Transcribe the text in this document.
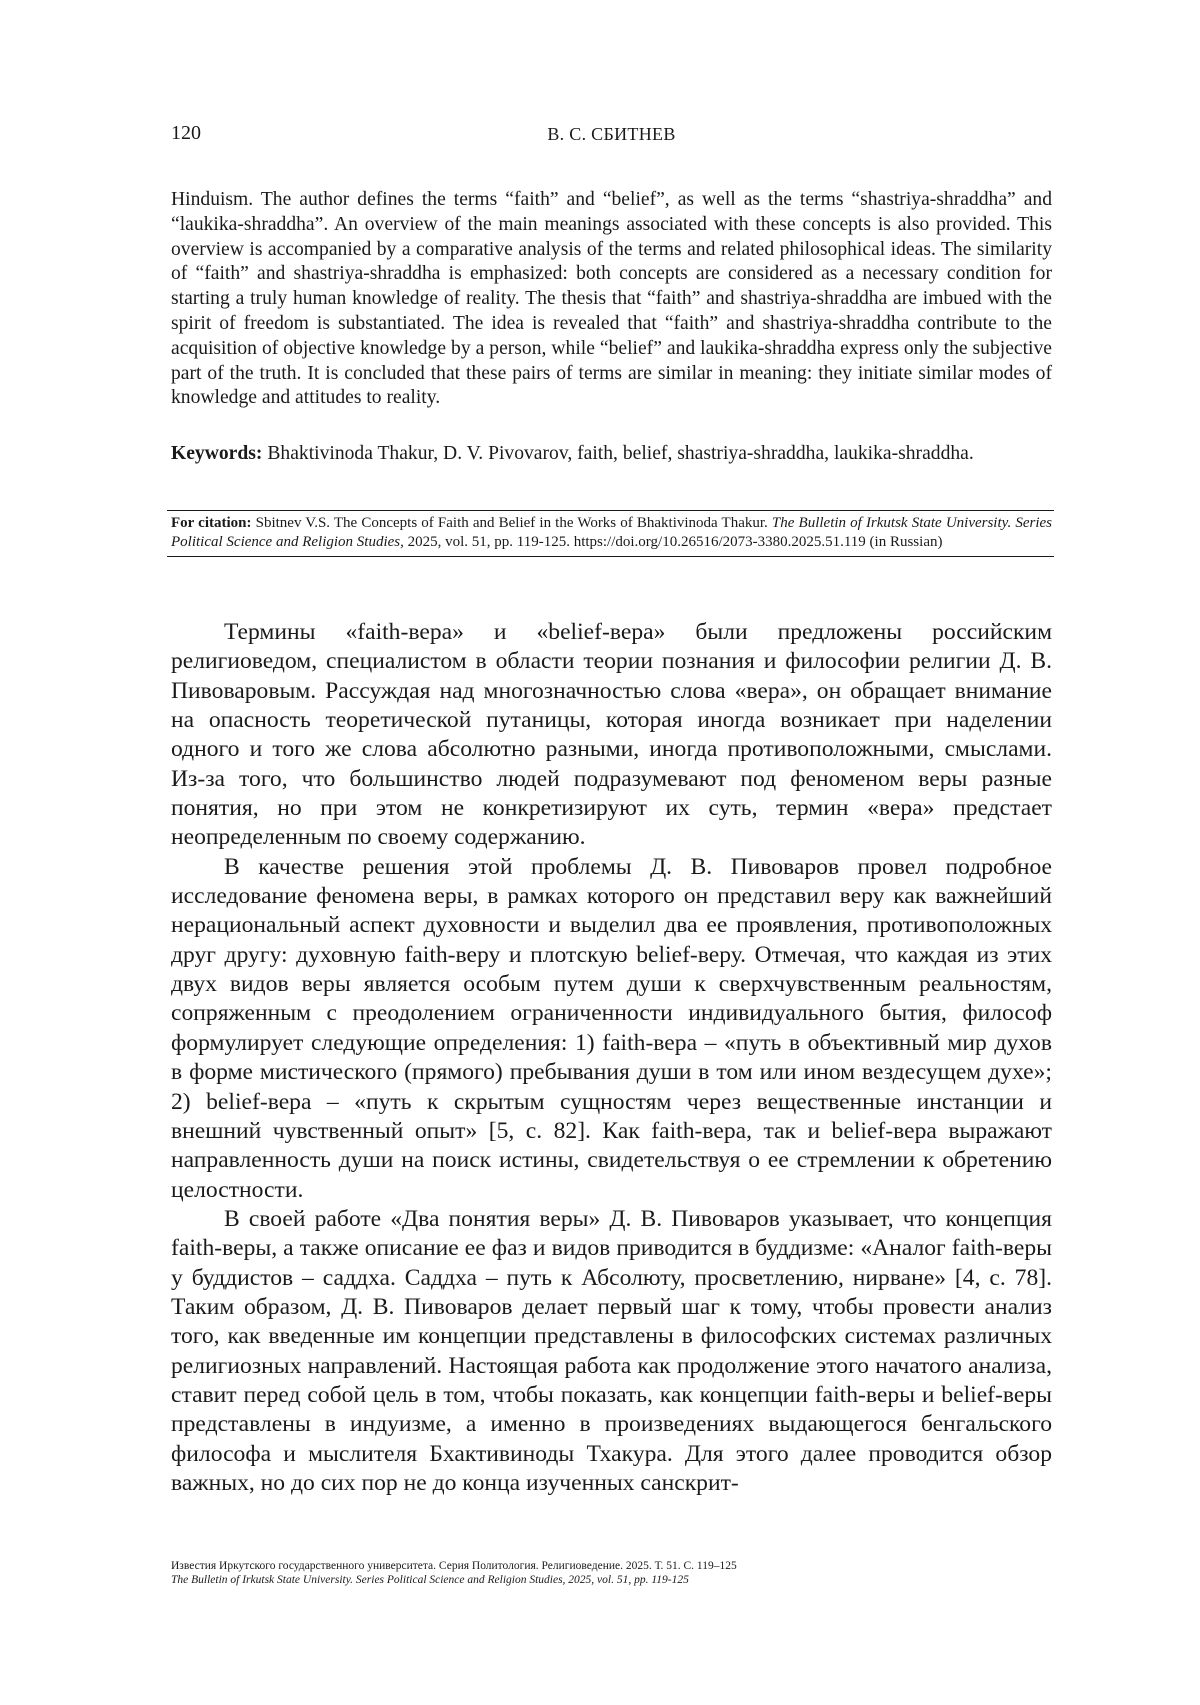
120	В. С. СБИТНЕВ

Hinduism. The author defines the terms “faith” and “belief”, as well as the terms “shastriya-shraddha” and “laukika-shraddha”. An overview of the main meanings associated with these concepts is also provided. This overview is accompanied by a comparative analysis of the terms and related philosophical ideas. The similarity of “faith” and shastriya-shraddha is emphasized: both concepts are considered as a necessary condition for starting a truly human knowledge of reality. The thesis that “faith” and shastriya-shraddha are imbued with the spirit of freedom is substantiated. The idea is revealed that “faith” and shastriya-shraddha contribute to the acquisition of objective knowledge by a person, while “belief” and laukika-shraddha express only the subjective part of the truth. It is concluded that these pairs of terms are similar in meaning: they initiate similar modes of knowledge and attitudes to reality.

Keywords: Bhaktivinoda Thakur, D. V. Pivovarov, faith, belief, shastriya-shraddha, laukika-shraddha.

For citation: Sbitnev V.S. The Concepts of Faith and Belief in the Works of Bhaktivinoda Thakur. The Bulletin of Irkutsk State University. Series Political Science and Religion Studies, 2025, vol. 51, pp. 119-125. https://doi.org/10.26516/2073-3380.2025.51.119 (in Russian)

Термины «faith-вера» и «belief-вера» были предложены российским религиоведом, специалистом в области теории познания и философии религии Д. В. Пивоваровым. Рассуждая над многозначностью слова «вера», он обращает внимание на опасность теоретической путаницы, которая иногда возникает при наделении одного и того же слова абсолютно разными, иногда противоположными, смыслами. Из-за того, что большинство людей подразумевают под феноменом веры разные понятия, но при этом не конкретизируют их суть, термин «вера» предстает неопределенным по своему содержанию.

В качестве решения этой проблемы Д. В. Пивоваров провел подробное исследование феномена веры, в рамках которого он представил веру как важнейший нерациональный аспект духовности и выделил два ее проявления, противоположных друг другу: духовную faith-веру и плотскую belief-веру. Отмечая, что каждая из этих двух видов веры является особым путем души к сверхчувственным реальностям, сопряженным с преодолением ограниченности индивидуального бытия, философ формулирует следующие определения: 1) faith-вера – «путь в объективный мир духов в форме мистического (прямого) пребывания души в том или ином вездесущем духе»; 2) belief-вера – «путь к скрытым сущностям через вещественные инстанции и внешний чувственный опыт» [5, с. 82]. Как faith-вера, так и belief-вера выражают направленность души на поиск истины, свидетельствуя о ее стремлении к обретению целостности.

В своей работе «Два понятия веры» Д. В. Пивоваров указывает, что концепция faith-веры, а также описание ее фаз и видов приводится в буддизме: «Аналог faith-веры у буддистов – саддха. Саддха – путь к Абсолюту, просветлению, нирване» [4, с. 78]. Таким образом, Д. В. Пивоваров делает первый шаг к тому, чтобы провести анализ того, как введенные им концепции представлены в философских системах различных религиозных направлений. Настоящая работа как продолжение этого начатого анализа, ставит перед собой цель в том, чтобы показать, как концепции faith-веры и belief-веры представлены в индуизме, а именно в произведениях выдающегося бенгальского философа и мыслителя Бхактивиноды Тхакура. Для этого далее проводится обзор важных, но до сих пор не до конца изученных санскрит-

Известия Иркутского государственного университета. Серия Политология. Религиоведение. 2025. Т. 51. С. 119–125
The Bulletin of Irkutsk State University. Series Political Science and Religion Studies, 2025, vol. 51, pp. 119-125
